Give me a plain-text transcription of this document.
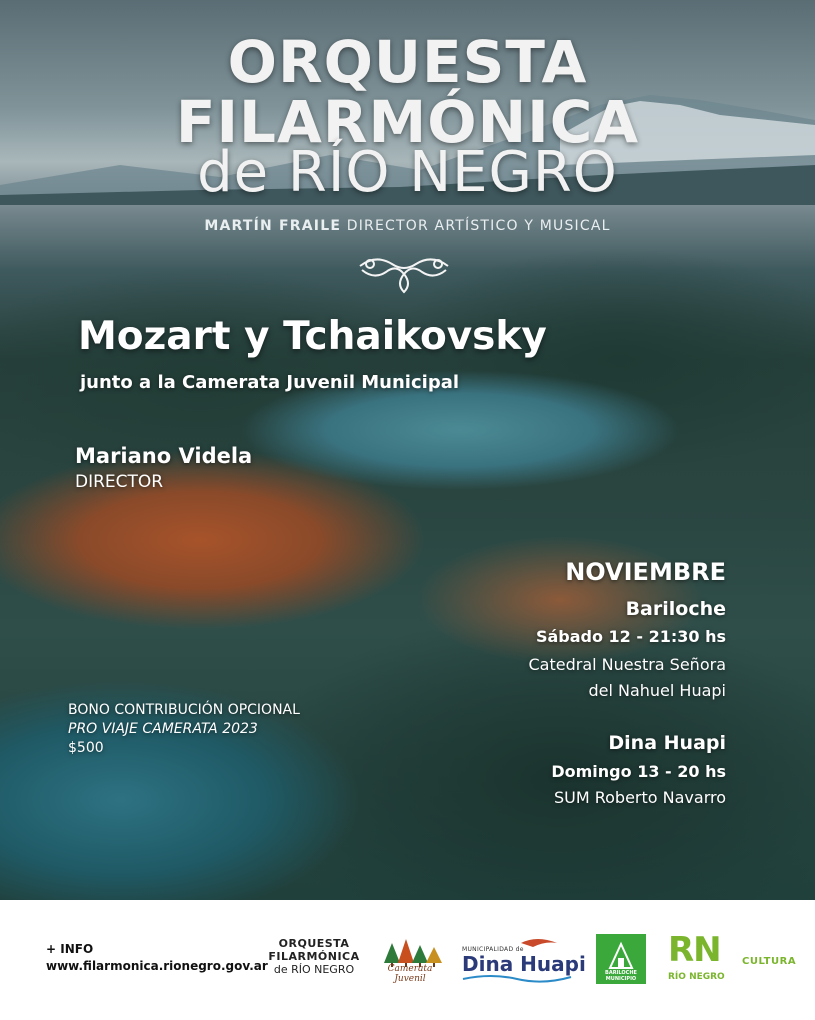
ORQUESTA
FILARMÓNICA
de RÍO NEGRO
MARTÍN FRAILE DIRECTOR ARTÍSTICO Y MUSICAL
Mozart y Tchaikovsky
junto a la Camerata Juvenil Municipal
Mariano Videla
DIRECTOR
NOVIEMBRE
Bariloche
Sábado 12 - 21:30 hs
Catedral Nuestra Señora
del Nahuel Huapi
Dina Huapi
Domingo 13 - 20 hs
SUM Roberto Navarro
BONO CONTRIBUCIÓN OPCIONAL
PRO VIAJE CAMERATA 2023
$500
+ INFO
www.filarmonica.rionegro.gov.ar
ORQUESTA
FILARMÓNICA
de RÍO NEGRO	Camerata Juvenil
MUNICIPALIDAD de
Dina Huapi	BARILOCHE MUNICIPIO
RN
RÍO NEGRO
CULTURA
